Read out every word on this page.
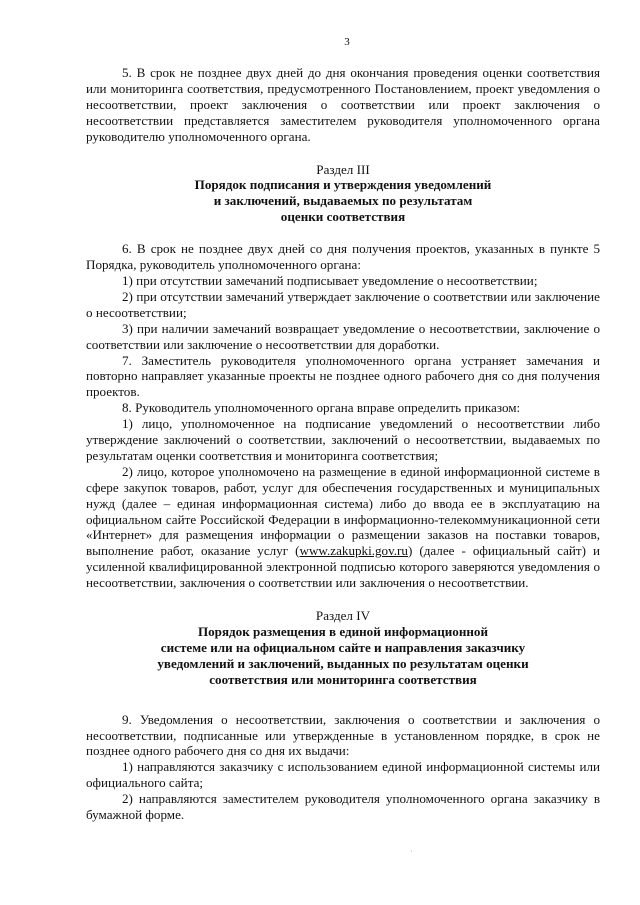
3

5. В срок не позднее двух дней до дня окончания проведения оценки соответствия или мониторинга соответствия, предусмотренного Постановлением, проект уведомления о несоответствии, проект заключения о соответствии или проект заключения о несоответствии представляется заместителем руководителя уполномоченного органа руководителю уполномоченного органа.

Раздел III
Порядок подписания и утверждения уведомлений
и заключений, выдаваемых по результатам
оценки соответствия

6. В срок не позднее двух дней со дня получения проектов, указанных в пункте 5 Порядка, руководитель уполномоченного органа:

1) при отсутствии замечаний подписывает уведомление о несоответствии;

2) при отсутствии замечаний утверждает заключение о соответствии или заключение о несоответствии;

3) при наличии замечаний возвращает уведомление о несоответствии, заключение о соответствии или заключение о несоответствии для доработки.

7. Заместитель руководителя уполномоченного органа устраняет замечания и повторно направляет указанные проекты не позднее одного рабочего дня со дня получения проектов.

8. Руководитель уполномоченного органа вправе определить приказом:

1) лицо, уполномоченное на подписание уведомлений о несоответствии либо утверждение заключений о соответствии, заключений о несоответствии, выдаваемых по результатам оценки соответствия и мониторинга соответствия;

2) лицо, которое уполномочено на размещение в единой информационной системе в сфере закупок товаров, работ, услуг для обеспечения государственных и муниципальных нужд (далее – единая информационная система) либо до ввода ее в эксплуатацию на официальном сайте Российской Федерации в информационно-телекоммуникационной сети «Интернет» для размещения информации о размещении заказов на поставки товаров, выполнение работ, оказание услуг (www.zakupki.gov.ru) (далее - официальный сайт) и усиленной квалифицированной электронной подписью которого заверяются уведомления о несоответствии, заключения о соответствии или заключения о несоответствии.

Раздел IV
Порядок размещения в единой информационной
системе или на официальном сайте и направления заказчику
уведомлений и заключений, выданных по результатам оценки
соответствия или мониторинга соответствия

9. Уведомления о несоответствии, заключения о соответствии и заключения о несоответствии, подписанные или утвержденные в установленном порядке, в срок не позднее одного рабочего дня со дня их выдачи:

1) направляются заказчику с использованием единой информационной системы или официального сайта;

2) направляются заместителем руководителя уполномоченного органа заказчику в бумажной форме.

·
